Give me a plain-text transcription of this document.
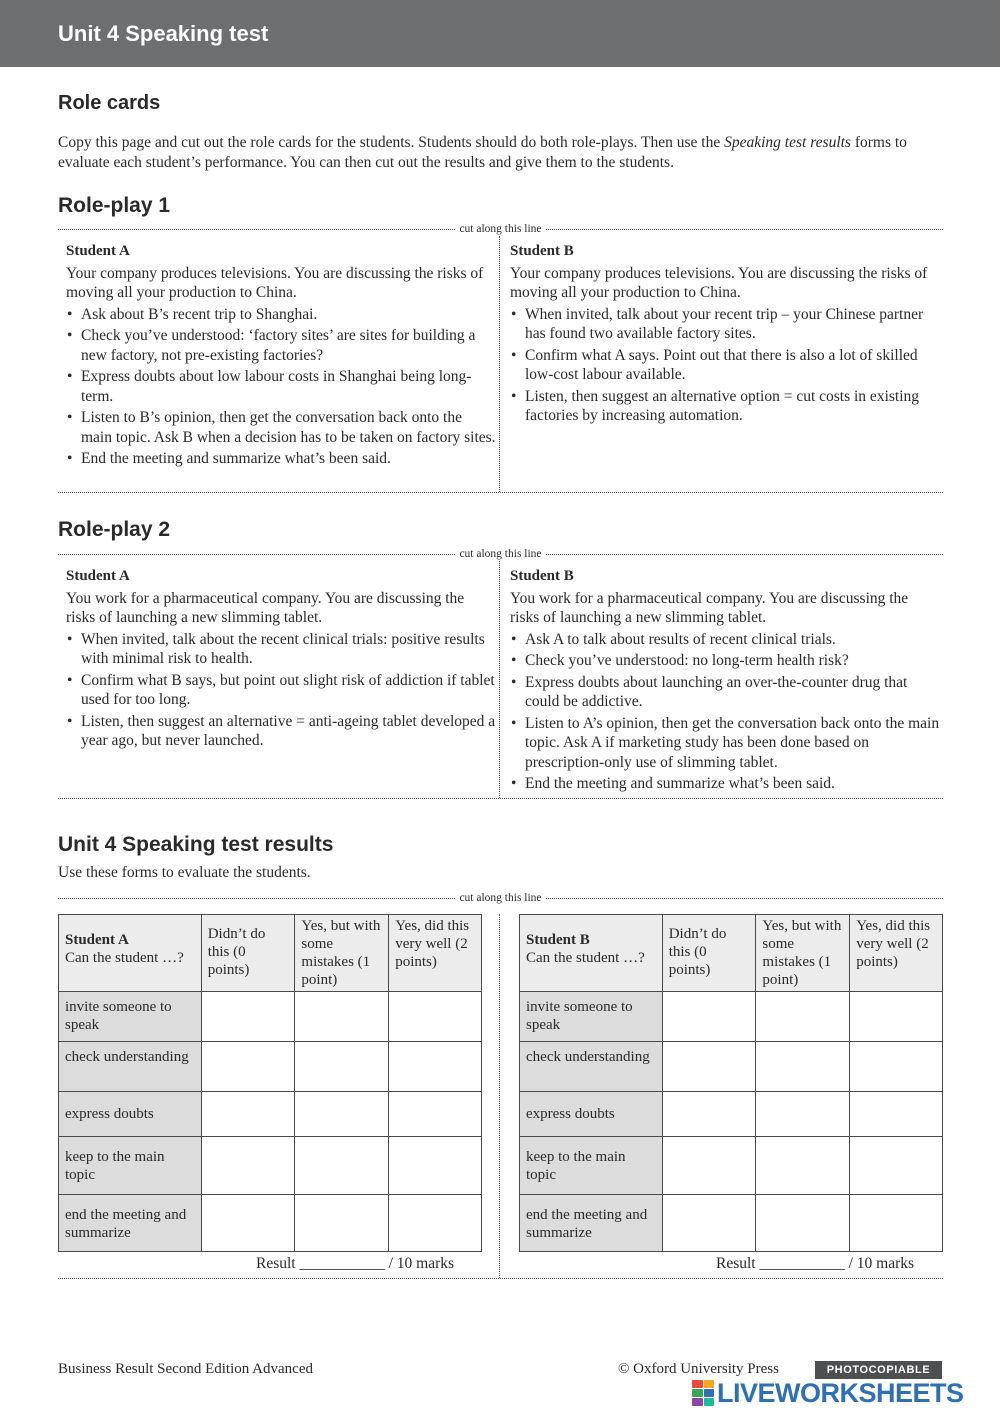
Unit 4 Speaking test
Role cards
Copy this page and cut out the role cards for the students. Students should do both role-plays. Then use the Speaking test results forms to evaluate each student’s performance. You can then cut out the results and give them to the students.
Role-play 1
cut along this line
Student A
Your company produces televisions. You are discussing the risks of moving all your production to China.
• Ask about B’s recent trip to Shanghai.
• Check you’ve understood: ‘factory sites’ are sites for building a new factory, not pre-existing factories?
• Express doubts about low labour costs in Shanghai being long-term.
• Listen to B’s opinion, then get the conversation back onto the main topic. Ask B when a decision has to be taken on factory sites.
• End the meeting and summarize what’s been said.
Student B
Your company produces televisions. You are discussing the risks of moving all your production to China.
• When invited, talk about your recent trip – your Chinese partner has found two available factory sites.
• Confirm what A says. Point out that there is also a lot of skilled low-cost labour available.
• Listen, then suggest an alternative option = cut costs in existing factories by increasing automation.
Role-play 2
cut along this line
Student A
You work for a pharmaceutical company. You are discussing the risks of launching a new slimming tablet.
• When invited, talk about the recent clinical trials: positive results with minimal risk to health.
• Confirm what B says, but point out slight risk of addiction if tablet used for too long.
• Listen, then suggest an alternative = anti-ageing tablet developed a year ago, but never launched.
Student B
You work for a pharmaceutical company. You are discussing the risks of launching a new slimming tablet.
• Ask A to talk about results of recent clinical trials.
• Check you’ve understood: no long-term health risk?
• Express doubts about launching an over-the-counter drug that could be addictive.
• Listen to A’s opinion, then get the conversation back onto the main topic. Ask A if marketing study has been done based on prescription-only use of slimming tablet.
• End the meeting and summarize what’s been said.
Unit 4 Speaking test results
Use these forms to evaluate the students.
cut along this line
Student A
Can the student …?	Didn’t do this (0 points)	Yes, but with some mistakes (1 point)	Yes, did this very well (2 points)
invite someone to speak			
check understanding			
express doubts			
keep to the main topic			
end the meeting and summarize			
Student B
Can the student …?	Didn’t do this (0 points)	Yes, but with some mistakes (1 point)	Yes, did this very well (2 points)
invite someone to speak			
check understanding			
express doubts			
keep to the main topic			
end the meeting and summarize			
Result ___________ / 10 marks	Result ___________ / 10 marks
Business Result Second Edition Advanced	© Oxford University Press	PHOTOCOPIABLE
LIVEWORKSHEETS
